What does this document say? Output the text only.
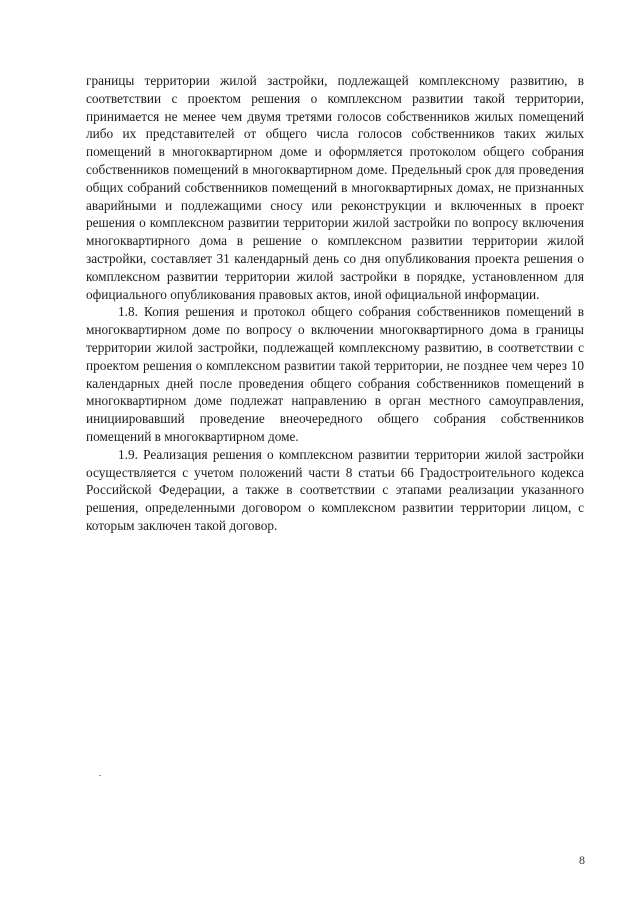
границы территории жилой застройки, подлежащей комплексному развитию, в соответствии с проектом решения о комплексном развитии такой территории, принимается не менее чем двумя третями голосов собственников жилых помещений либо их представителей от общего числа голосов собственников таких жилых помещений в многоквартирном доме и оформляется протоколом общего собрания собственников помещений в многоквартирном доме. Предельный срок для проведения общих собраний собственников помещений в многоквартирных домах, не признанных аварийными и подлежащими сносу или реконструкции и включенных в проект решения о комплексном развитии территории жилой застройки по вопросу включения многоквартирного дома в решение о комплексном развитии территории жилой застройки, составляет 31 календарный день со дня опубликования проекта решения о комплексном развитии территории жилой застройки в порядке, установленном для официального опубликования правовых актов, иной официальной информации.

1.8. Копия решения и протокол общего собрания собственников помещений в многоквартирном доме по вопросу о включении многоквартирного дома в границы территории жилой застройки, подлежащей комплексному развитию, в соответствии с проектом решения о комплексном развитии такой территории, не позднее чем через 10 календарных дней после проведения общего собрания собственников помещений в многоквартирном доме подлежат направлению в орган местного самоуправления, инициировавший проведение внеочередного общего собрания собственников помещений в многоквартирном доме.

1.9. Реализация решения о комплексном развитии территории жилой застройки осуществляется с учетом положений части 8 статьи 66 Градостроительного кодекса Российской Федерации, а также в соответствии с этапами реализации указанного решения, определенными договором о комплексном развитии территории лицом, с которым заключен такой договор.

8
